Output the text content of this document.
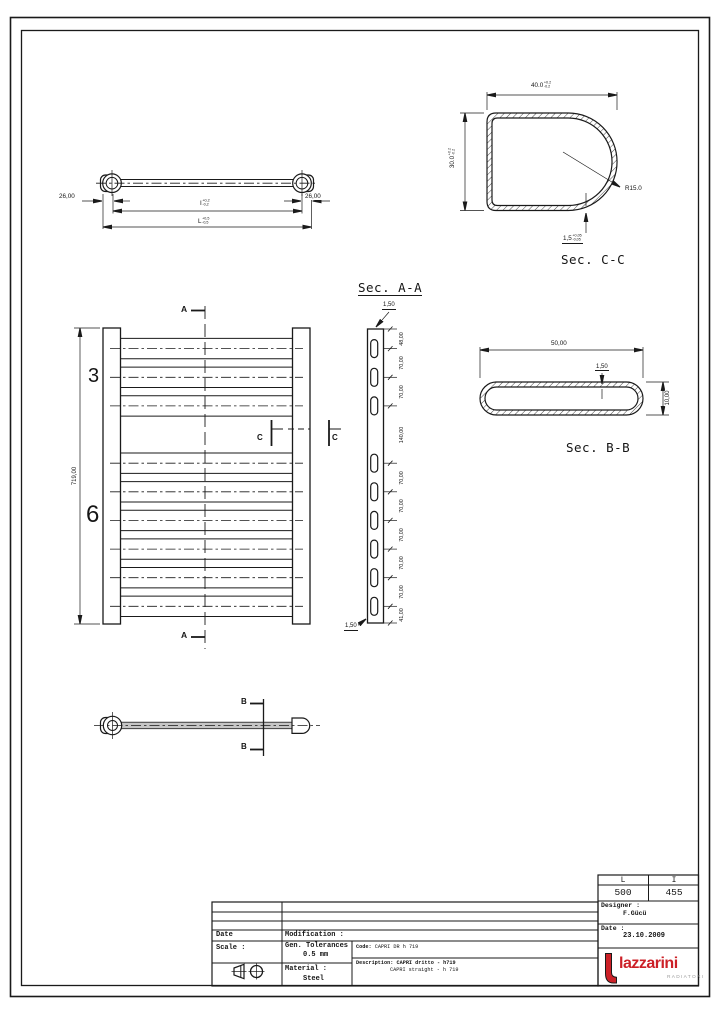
26,00	26,00
I +0,2
-0,2
L +0,5
-0,5
40.0 +0.2
-0.2
30.0
+0.2 -0.2
R15.0
1,5 +0,05
-0,05
Sec. C-C
Sec. A-A
1,50
48,00
70,00
70,00
140,00
70,00
70,00
70,00
70,00
70,00
41,00
1,50
50,00
1,50
10,00
Sec. B-B
3
6
719,00
A
A
C	C
B
B
Date	Modification :
Scale :	Gen. Tolerances
0.5 mm
Material :
Steel
Code: CAPRI DR h 719
Description: CAPRI dritto - h719
CAPRI straight - h 719
L	I
500	455
Designer :
F.Gücü
Date :
23.10.2009
lazzarini
RADIATORI
